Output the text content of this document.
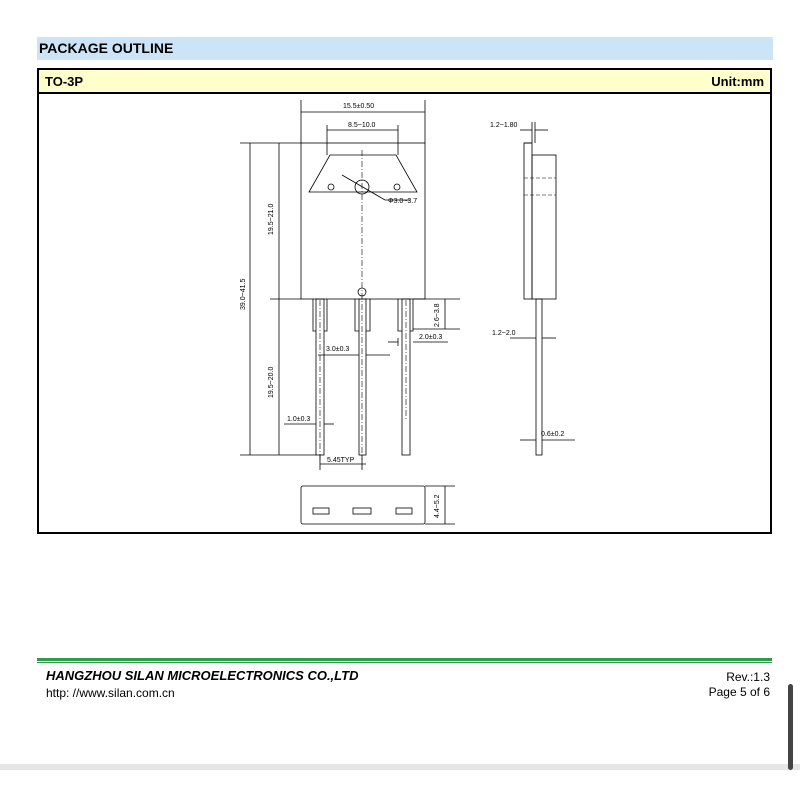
PACKAGE OUTLINE
TO-3P	Unit:mm
15.5±0.50
8.5~10.0
Φ3.0~3.7
19.5~21.0
39.0~41.5
19.5~20.0
2.6~3.8
3.0±0.3
2.0±0.3
1.0±0.3
5.45TYP
1.2~1.80
1.2~2.0
0.6±0.2
4.4~5.2
HANGZHOU SILAN MICROELECTRONICS CO.,LTD
http: //www.silan.com.cn
Rev.:1.3
Page 5 of 6
